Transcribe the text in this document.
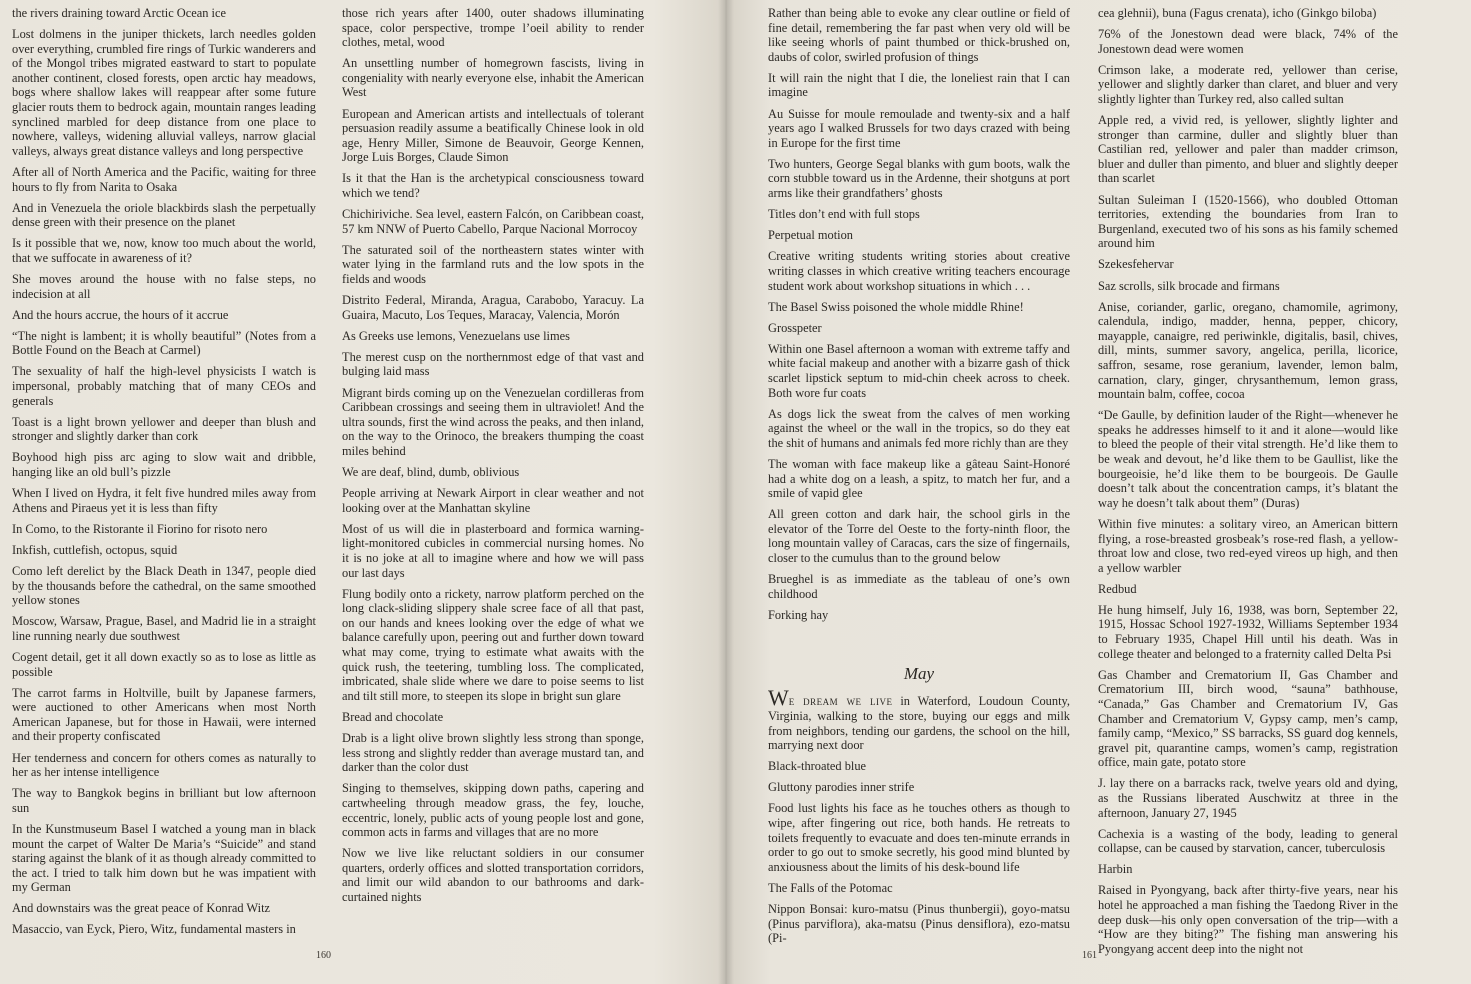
the rivers draining toward Arctic Ocean ice

Lost dolmens in the juniper thickets, larch needles golden over everything, crumbled fire rings of Turkic wanderers and of the Mongol tribes migrated eastward to start to populate another continent, closed forests, open arctic hay meadows, bogs where shallow lakes will reappear after some future glacier routs them to bedrock again, mountain ranges leading synclined marbled for deep distance from one place to nowhere, valleys, widening alluvial valleys, narrow glacial valleys, always great distance valleys and long perspective

After all of North America and the Pacific, waiting for three hours to fly from Narita to Osaka

And in Venezuela the oriole blackbirds slash the perpetually dense green with their presence on the planet

Is it possible that we, now, know too much about the world, that we suffocate in awareness of it?

She moves around the house with no false steps, no indecision at all

And the hours accrue, the hours of it accrue

“The night is lambent; it is wholly beautiful” (Notes from a Bottle Found on the Beach at Carmel)

The sexuality of half the high-level physicists I watch is impersonal, probably matching that of many CEOs and generals

Toast is a light brown yellower and deeper than blush and stronger and slightly darker than cork

Boyhood high piss arc aging to slow wait and dribble, hanging like an old bull’s pizzle

When I lived on Hydra, it felt five hundred miles away from Athens and Piraeus yet it is less than fifty

In Como, to the Ristorante il Fiorino for risoto nero

Inkfish, cuttlefish, octopus, squid

Como left derelict by the Black Death in 1347, people died by the thousands before the cathedral, on the same smoothed yellow stones

Moscow, Warsaw, Prague, Basel, and Madrid lie in a straight line running nearly due southwest

Cogent detail, get it all down exactly so as to lose as little as possible

The carrot farms in Holtville, built by Japanese farmers, were auctioned to other Americans when most North American Japanese, but for those in Hawaii, were interned and their property confiscated

Her tenderness and concern for others comes as naturally to her as her intense intelligence

The way to Bangkok begins in brilliant but low afternoon sun

In the Kunstmuseum Basel I watched a young man in black mount the carpet of Walter De Maria’s “Suicide” and stand staring against the blank of it as though already committed to the act. I tried to talk him down but he was impatient with my German

And downstairs was the great peace of Konrad Witz

Masaccio, van Eyck, Piero, Witz, fundamental masters in

those rich years after 1400, outer shadows illuminating space, color perspective, trompe l’oeil ability to render clothes, metal, wood

An unsettling number of homegrown fascists, living in congeniality with nearly everyone else, inhabit the American West

European and American artists and intellectuals of tolerant persuasion readily assume a beatifically Chinese look in old age, Henry Miller, Simone de Beauvoir, George Kennen, Jorge Luis Borges, Claude Simon

Is it that the Han is the archetypical consciousness toward which we tend?

Chichiriviche. Sea level, eastern Falcón, on Caribbean coast, 57 km NNW of Puerto Cabello, Parque Nacional Morrocoy

The saturated soil of the northeastern states winter with water lying in the farmland ruts and the low spots in the fields and woods

Distrito Federal, Miranda, Aragua, Carabobo, Yaracuy. La Guaira, Macuto, Los Teques, Maracay, Valencia, Morón

As Greeks use lemons, Venezuelans use limes

The merest cusp on the northernmost edge of that vast and bulging laid mass

Migrant birds coming up on the Venezuelan cordilleras from Caribbean crossings and seeing them in ultraviolet! And the ultra sounds, first the wind across the peaks, and then inland, on the way to the Orinoco, the breakers thumping the coast miles behind

We are deaf, blind, dumb, oblivious

People arriving at Newark Airport in clear weather and not looking over at the Manhattan skyline

Most of us will die in plasterboard and formica warning-light-monitored cubicles in commercial nursing homes. No it is no joke at all to imagine where and how we will pass our last days

Flung bodily onto a rickety, narrow platform perched on the long clack-sliding slippery shale scree face of all that past, on our hands and knees looking over the edge of what we balance carefully upon, peering out and further down toward what may come, trying to estimate what awaits with the quick rush, the teetering, tumbling loss. The complicated, imbricated, shale slide where we dare to poise seems to list and tilt still more, to steepen its slope in bright sun glare

Bread and chocolate

Drab is a light olive brown slightly less strong than sponge, less strong and slightly redder than average mustard tan, and darker than the color dust

Singing to themselves, skipping down paths, capering and cartwheeling through meadow grass, the fey, louche, eccentric, lonely, public acts of young people lost and gone, common acts in farms and villages that are no more

Now we live like reluctant soldiers in our consumer quarters, orderly offices and slotted transportation corridors, and limit our wild abandon to our bathrooms and dark-curtained nights

160	161

Rather than being able to evoke any clear outline or field of fine detail, remembering the far past when very old will be like seeing whorls of paint thumbed or thick-brushed on, daubs of color, swirled profusion of things

It will rain the night that I die, the loneliest rain that I can imagine

Au Suisse for moule remoulade and twenty-six and a half years ago I walked Brussels for two days crazed with being in Europe for the first time

Two hunters, George Segal blanks with gum boots, walk the corn stubble toward us in the Ardenne, their shotguns at port arms like their grandfathers’ ghosts

Titles don’t end with full stops

Perpetual motion

Creative writing students writing stories about creative writing classes in which creative writing teachers encourage student work about workshop situations in which . . .

The Basel Swiss poisoned the whole middle Rhine!

Grosspeter

Within one Basel afternoon a woman with extreme taffy and white facial makeup and another with a bizarre gash of thick scarlet lipstick septum to mid-chin cheek across to cheek. Both wore fur coats

As dogs lick the sweat from the calves of men working against the wheel or the wall in the tropics, so do they eat the shit of humans and animals fed more richly than are they

The woman with face makeup like a gâteau Saint-Honoré had a white dog on a leash, a spitz, to match her fur, and a smile of vapid glee

All green cotton and dark hair, the school girls in the elevator of the Torre del Oeste to the forty-ninth floor, the long mountain valley of Caracas, cars the size of fingernails, closer to the cumulus than to the ground below

Brueghel is as immediate as the tableau of one’s own childhood

Forking hay

May

We dream we live in Waterford, Loudoun County, Virginia, walking to the store, buying our eggs and milk from neighbors, tending our gardens, the school on the hill, marrying next door

Black-throated blue

Gluttony parodies inner strife

Food lust lights his face as he touches others as though to wipe, after fingering out rice, both hands. He retreats to toilets frequently to evacuate and does ten-minute errands in order to go out to smoke secretly, his good mind blunted by anxiousness about the limits of his desk-bound life

The Falls of the Potomac

Nippon Bonsai: kuro-matsu (Pinus thunbergii), goyo-matsu (Pinus parviflora), aka-matsu (Pinus densiflora), ezo-matsu (Pi-

cea glehnii), buna (Fagus crenata), icho (Ginkgo biloba)

76% of the Jonestown dead were black, 74% of the Jonestown dead were women

Crimson lake, a moderate red, yellower than cerise, yellower and slightly darker than claret, and bluer and very slightly lighter than Turkey red, also called sultan

Apple red, a vivid red, is yellower, slightly lighter and stronger than carmine, duller and slightly bluer than Castilian red, yellower and paler than madder crimson, bluer and duller than pimento, and bluer and slightly deeper than scarlet

Sultan Suleiman I (1520-1566), who doubled Ottoman territories, extending the boundaries from Iran to Burgenland, executed two of his sons as his family schemed around him

Szekesfehervar

Saz scrolls, silk brocade and firmans

Anise, coriander, garlic, oregano, chamomile, agrimony, calendula, indigo, madder, henna, pepper, chicory, mayapple, canaigre, red periwinkle, digitalis, basil, chives, dill, mints, summer savory, angelica, perilla, licorice, saffron, sesame, rose geranium, lavender, lemon balm, carnation, clary, ginger, chrysanthemum, lemon grass, mountain balm, coffee, cocoa

“De Gaulle, by definition lauder of the Right—whenever he speaks he addresses himself to it and it alone—would like to bleed the people of their vital strength. He’d like them to be weak and devout, he’d like them to be Gaullist, like the bourgeoisie, he’d like them to be bourgeois. De Gaulle doesn’t talk about the concentration camps, it’s blatant the way he doesn’t talk about them” (Duras)

Within five minutes: a solitary vireo, an American bittern flying, a rose-breasted grosbeak’s rose-red flash, a yellow-throat low and close, two red-eyed vireos up high, and then a yellow warbler

Redbud

He hung himself, July 16, 1938, was born, September 22, 1915, Hossac School 1927-1932, Williams September 1934 to February 1935, Chapel Hill until his death. Was in college theater and belonged to a fraternity called Delta Psi

Gas Chamber and Crematorium II, Gas Chamber and Crematorium III, birch wood, “sauna” bathhouse, “Canada,” Gas Chamber and Crematorium IV, Gas Chamber and Crematorium V, Gypsy camp, men’s camp, family camp, “Mexico,” SS barracks, SS guard dog kennels, gravel pit, quarantine camps, women’s camp, registration office, main gate, potato store

J. lay there on a barracks rack, twelve years old and dying, as the Russians liberated Auschwitz at three in the afternoon, January 27, 1945

Cachexia is a wasting of the body, leading to general collapse, can be caused by starvation, cancer, tuberculosis

Harbin

Raised in Pyongyang, back after thirty-five years, near his hotel he approached a man fishing the Taedong River in the deep dusk—his only open conversation of the trip—with a “How are they biting?” The fishing man answering his Pyongyang accent deep into the night not
